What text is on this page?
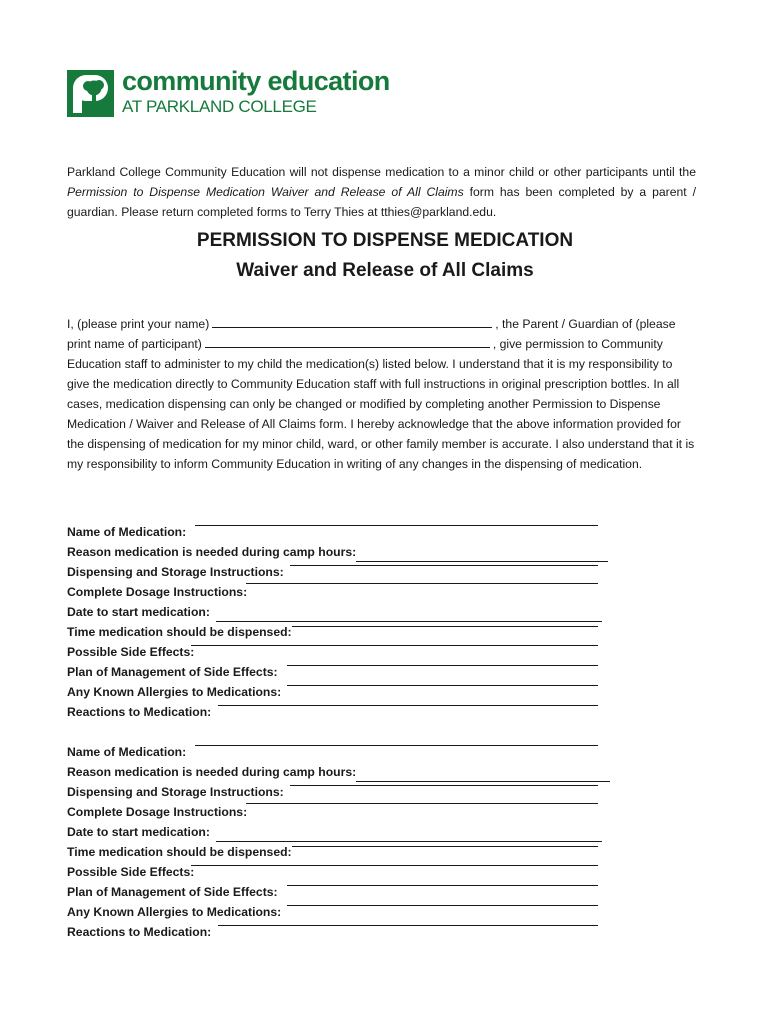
community education
AT PARKLAND COLLEGE
Parkland College Community Education will not dispense medication to a minor child or other participants until the Permission to Dispense Medication Waiver and Release of All Claims form has been completed by a parent / guardian. Please return completed forms to Terry Thies at tthies@parkland.edu.
PERMISSION TO DISPENSE MEDICATION
Waiver and Release of All Claims
I, (please print your name)	, the Parent / Guardian of (please print name of participant)	, give permission to Community Education staff to administer to my child the medication(s) listed below. I understand that it is my responsibility to give the medication directly to Community Education staff with full instructions in original prescription bottles. In all cases, medication dispensing can only be changed or modified by completing another Permission to Dispense Medication / Waiver and Release of All Claims form. I hereby acknowledge that the above information provided for the dispensing of medication for my minor child, ward, or other family member is accurate. I also understand that it is my responsibility to inform Community Education in writing of any changes in the dispensing of medication.
Name of Medication:
Reason medication is needed during camp hours:
Dispensing and Storage Instructions:
Complete Dosage Instructions:
Date to start medication:
Time medication should be dispensed:
Possible Side Effects:
Plan of Management of Side Effects:
Any Known Allergies to Medications:
Reactions to Medication:
Name of Medication:
Reason medication is needed during camp hours:
Dispensing and Storage Instructions:
Complete Dosage Instructions:
Date to start medication:
Time medication should be dispensed:
Possible Side Effects:
Plan of Management of Side Effects:
Any Known Allergies to Medications:
Reactions to Medication:
